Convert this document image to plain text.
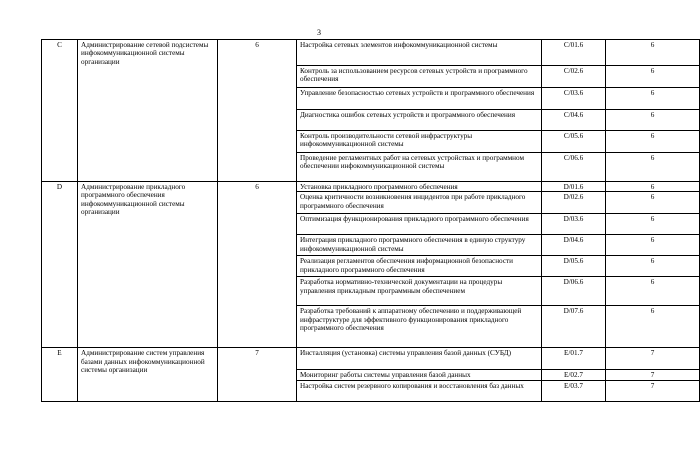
3
C	Администрирование сетевой подсистемы инфокоммуникационной системы организации	6	Настройка сетевых элементов инфокоммуникационной системы	C/01.6	6
			Контроль за использованием ресурсов сетевых устройств и программного обеспечения	C/02.6	6
			Управление безопасностью сетевых устройств и программного обеспечения	C/03.6	6
			Диагностика ошибок сетевых устройств и программного обеспечения	C/04.6	6
			Контроль производительности сетевой инфраструктуры инфокоммуникационной системы	C/05.6	6
			Проведение регламентных работ на сетевых устройствах и программном обеспечении инфокоммуникационной системы	C/06.6	6
D	Администрирование прикладного программного обеспечения инфокоммуникационной системы организации	6	Установка прикладного программного обеспечения	D/01.6	6
			Оценка критичности возникновения инцидентов при работе прикладного программного обеспечения	D/02.6	6
			Оптимизация функционирования прикладного программного обеспечения	D/03.6	6
			Интеграция прикладного программного обеспечения в единую структуру инфокоммуникационной системы	D/04.6	6
			Реализация регламентов обеспечения информационной безопасности прикладного программного обеспечения	D/05.6	6
			Разработка нормативно-технической документации на процедуры управления прикладным программным обеспечением	D/06.6	6
			Разработка требований к аппаратному обеспечению и поддерживающей инфраструктуре для эффективного функционирования прикладного программного обеспечения	D/07.6	6
E	Администрирование систем управления базами данных инфокоммуникационной системы организации	7	Инсталляция (установка) системы управления базой данных (СУБД)	E/01.7	7
			Мониторинг работы системы управления базой данных	E/02.7	7
			Настройка систем резервного копирования и восстановления баз данных	E/03.7	7
